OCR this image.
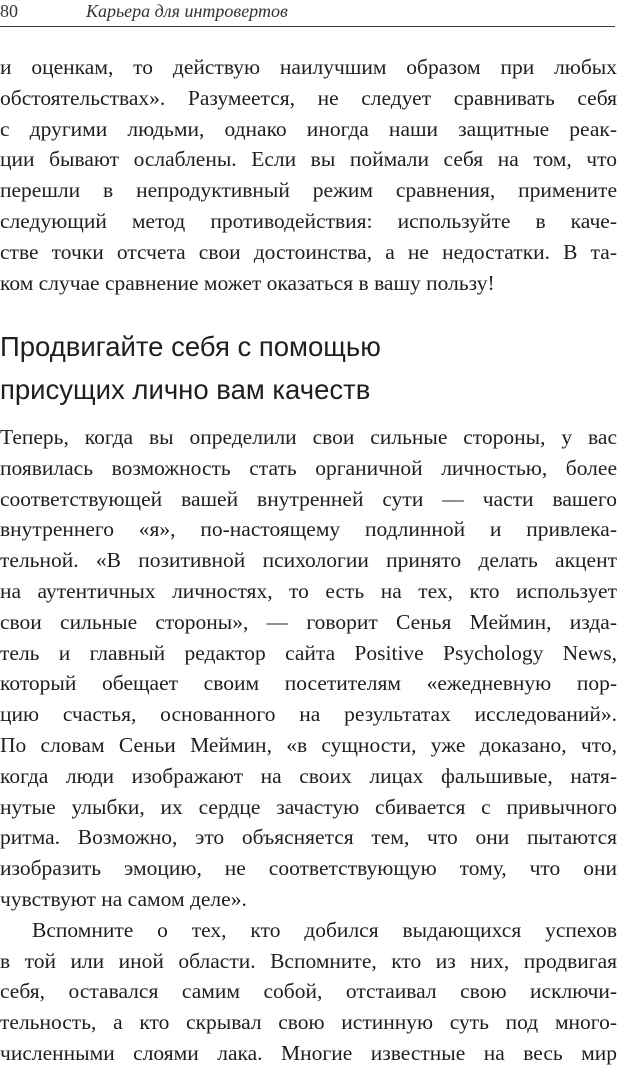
80	Карьера для интровертов
и оценкам, то действую наилучшим образом при любых
обстоятельствах». Разумеется, не следует сравнивать себя
с другими людьми, однако иногда наши защитные реак-
ции бывают ослаблены. Если вы поймали себя на том, что
перешли в непродуктивный режим сравнения, примените
следующий метод противодействия: используйте в каче-
стве точки отсчета свои достоинства, а не недостатки. В та-
ком случае сравнение может оказаться в вашу пользу!
Продвигайте себя с помощью
присущих лично вам качеств
Теперь, когда вы определили свои сильные стороны, у вас
появилась возможность стать органичной личностью, более
соответствующей вашей внутренней сути — части вашего
внутреннего «я», по-настоящему подлинной и привлека-
тельной. «В позитивной психологии принято делать акцент
на аутентичных личностях, то есть на тех, кто использует
свои сильные стороны», — говорит Сенья Меймин, изда-
тель и главный редактор сайта Positive Psychology News,
который обещает своим посетителям «ежедневную пор-
цию счастья, основанного на результатах исследований».
По словам Сеньи Меймин, «в сущности, уже доказано, что,
когда люди изображают на своих лицах фальшивые, натя-
нутые улыбки, их сердце зачастую сбивается с привычного
ритма. Возможно, это объясняется тем, что они пытаются
изобразить эмоцию, не соответствующую тому, что они
чувствуют на самом деле».
Вспомните о тех, кто добился выдающихся успехов
в той или иной области. Вспомните, кто из них, продвигая
себя, оставался самим собой, отстаивал свою исключи-
тельность, а кто скрывал свою истинную суть под много-
численными слоями лака. Многие известные на весь мир
